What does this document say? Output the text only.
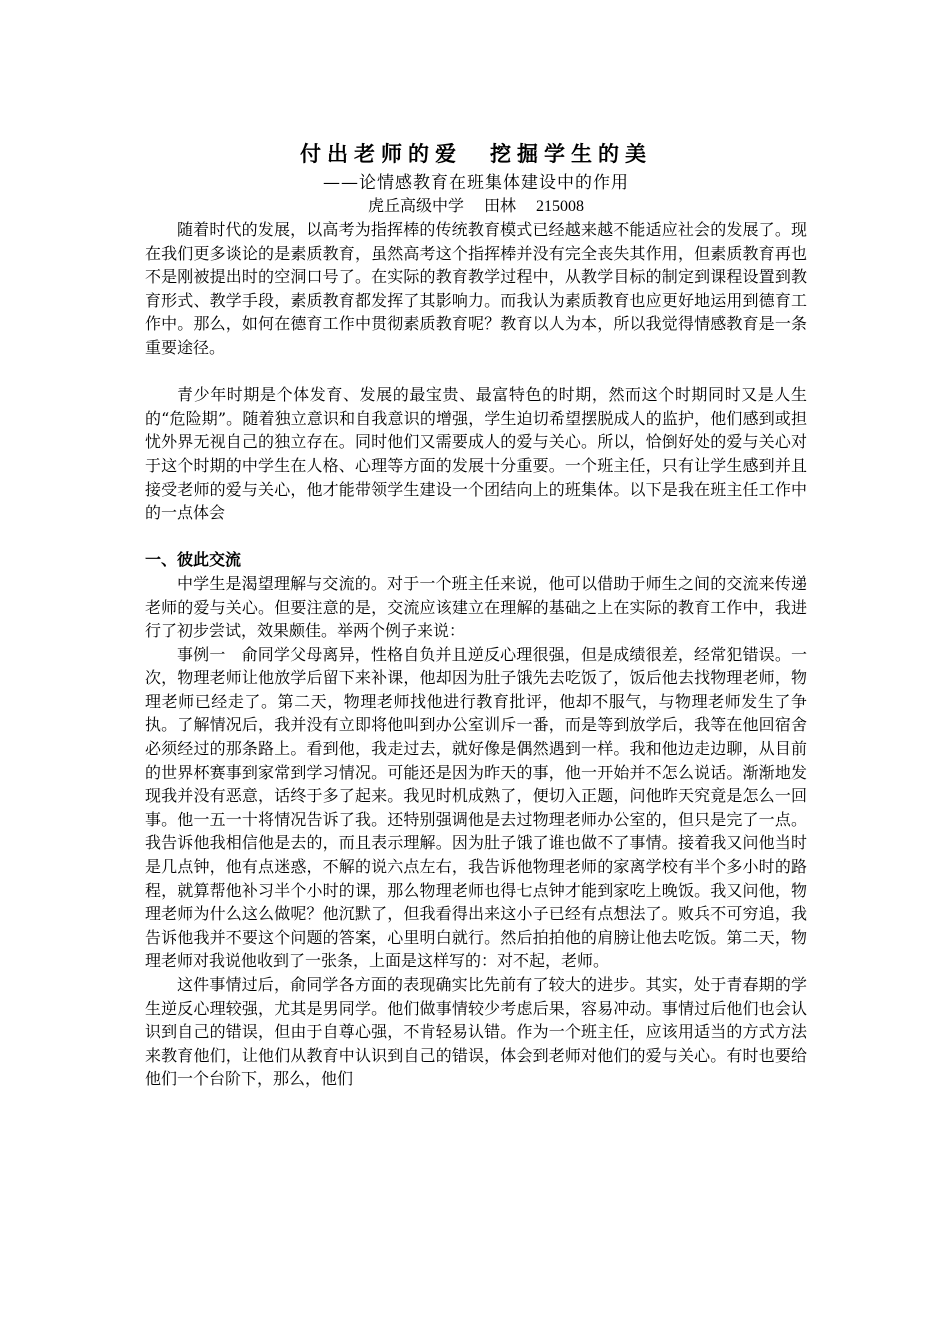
付出老师的爱 挖掘学生的美
——论情感教育在班集体建设中的作用
虎丘高级中学 田林 215008

随着时代的发展，以高考为指挥棒的传统教育模式已经越来越不能适应社会的发展了。现在我们更多谈论的是素质教育，虽然高考这个指挥棒并没有完全丧失其作用，但素质教育再也不是刚被提出时的空洞口号了。在实际的教育教学过程中，从教学目标的制定到课程设置到教育形式、教学手段，素质教育都发挥了其影响力。而我认为素质教育也应更好地运用到德育工作中。那么，如何在德育工作中贯彻素质教育呢？教育以人为本，所以我觉得情感教育是一条重要途径。

青少年时期是个体发育、发展的最宝贵、最富特色的时期，然而这个时期同时又是人生的“危险期”。随着独立意识和自我意识的增强，学生迫切希望摆脱成人的监护，他们感到或担忧外界无视自己的独立存在。同时他们又需要成人的爱与关心。所以，恰倒好处的爱与关心对于这个时期的中学生在人格、心理等方面的发展十分重要。一个班主任，只有让学生感到并且接受老师的爱与关心，他才能带领学生建设一个团结向上的班集体。以下是我在班主任工作中的一点体会

一、彼此交流

中学生是渴望理解与交流的。对于一个班主任来说，他可以借助于师生之间的交流来传递老师的爱与关心。但要注意的是，交流应该建立在理解的基础之上在实际的教育工作中，我进行了初步尝试，效果颇佳。举两个例子来说：

事例一　俞同学父母离异，性格自负并且逆反心理很强，但是成绩很差，经常犯错误。一次，物理老师让他放学后留下来补课，他却因为肚子饿先去吃饭了，饭后他去找物理老师，物理老师已经走了。第二天，物理老师找他进行教育批评，他却不服气，与物理老师发生了争执。了解情况后，我并没有立即将他叫到办公室训斥一番，而是等到放学后，我等在他回宿舍必须经过的那条路上。看到他，我走过去，就好像是偶然遇到一样。我和他边走边聊，从目前的世界杯赛事到家常到学习情况。可能还是因为昨天的事，他一开始并不怎么说话。渐渐地发现我并没有恶意，话终于多了起来。我见时机成熟了，便切入正题，问他昨天究竟是怎么一回事。他一五一十将情况告诉了我。还特别强调他是去过物理老师办公室的，但只是完了一点。我告诉他我相信他是去的，而且表示理解。因为肚子饿了谁也做不了事情。接着我又问他当时是几点钟，他有点迷惑，不解的说六点左右，我告诉他物理老师的家离学校有半个多小时的路程，就算帮他补习半个小时的课，那么物理老师也得七点钟才能到家吃上晚饭。我又问他，物理老师为什么这么做呢？他沉默了，但我看得出来这小子已经有点想法了。败兵不可穷追，我告诉他我并不要这个问题的答案，心里明白就行。然后拍拍他的肩膀让他去吃饭。第二天，物理老师对我说他收到了一张条，上面是这样写的：对不起，老师。

这件事情过后，俞同学各方面的表现确实比先前有了较大的进步。其实，处于青春期的学生逆反心理较强，尤其是男同学。他们做事情较少考虑后果，容易冲动。事情过后他们也会认识到自己的错误，但由于自尊心强，不肯轻易认错。作为一个班主任，应该用适当的方式方法来教育他们，让他们从教育中认识到自己的错误，体会到老师对他们的爱与关心。有时也要给他们一个台阶下，那么，他们
